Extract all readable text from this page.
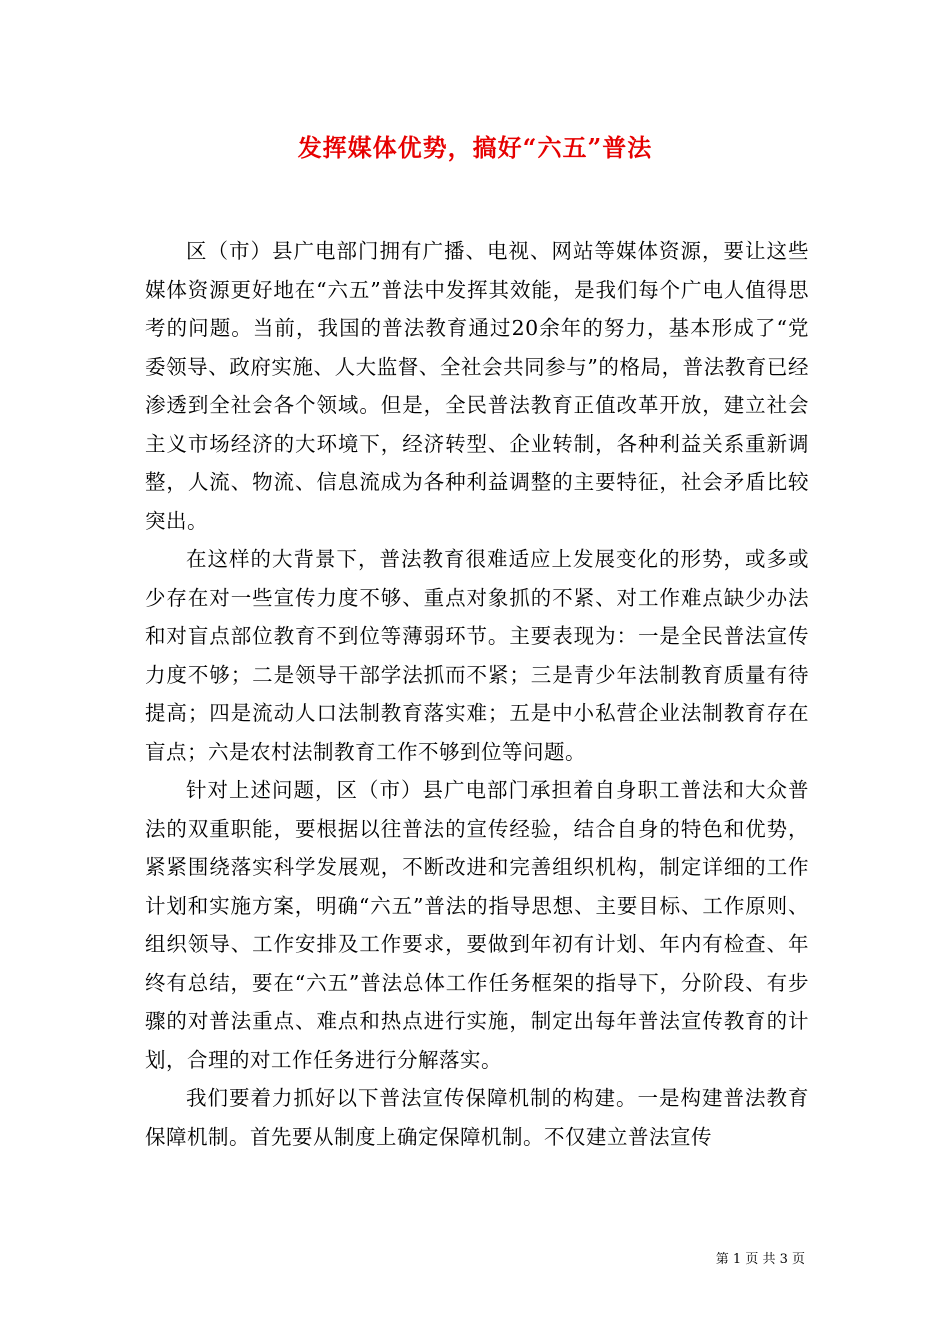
发挥媒体优势，搞好“六五”普法

区（市）县广电部门拥有广播、电视、网站等媒体资源，要让这些媒体资源更好地在“六五”普法中发挥其效能，是我们每个广电人值得思考的问题。当前，我国的普法教育通过20余年的努力，基本形成了“党委领导、政府实施、人大监督、全社会共同参与”的格局，普法教育已经渗透到全社会各个领域。但是，全民普法教育正值改革开放，建立社会主义市场经济的大环境下，经济转型、企业转制，各种利益关系重新调整，人流、物流、信息流成为各种利益调整的主要特征，社会矛盾比较突出。

在这样的大背景下，普法教育很难适应上发展变化的形势，或多或少存在对一些宣传力度不够、重点对象抓的不紧、对工作难点缺少办法和对盲点部位教育不到位等薄弱环节。主要表现为：一是全民普法宣传力度不够；二是领导干部学法抓而不紧；三是青少年法制教育质量有待提高；四是流动人口法制教育落实难；五是中小私营企业法制教育存在盲点；六是农村法制教育工作不够到位等问题。

针对上述问题，区（市）县广电部门承担着自身职工普法和大众普法的双重职能，要根据以往普法的宣传经验，结合自身的特色和优势，紧紧围绕落实科学发展观，不断改进和完善组织机构，制定详细的工作计划和实施方案，明确“六五”普法的指导思想、主要目标、工作原则、组织领导、工作安排及工作要求，要做到年初有计划、年内有检查、年终有总结，要在“六五”普法总体工作任务框架的指导下，分阶段、有步骤的对普法重点、难点和热点进行实施，制定出每年普法宣传教育的计划，合理的对工作任务进行分解落实。

我们要着力抓好以下普法宣传保障机制的构建。一是构建普法教育保障机制。首先要从制度上确定保障机制。不仅建立普法宣传

第 1 页 共 3 页
